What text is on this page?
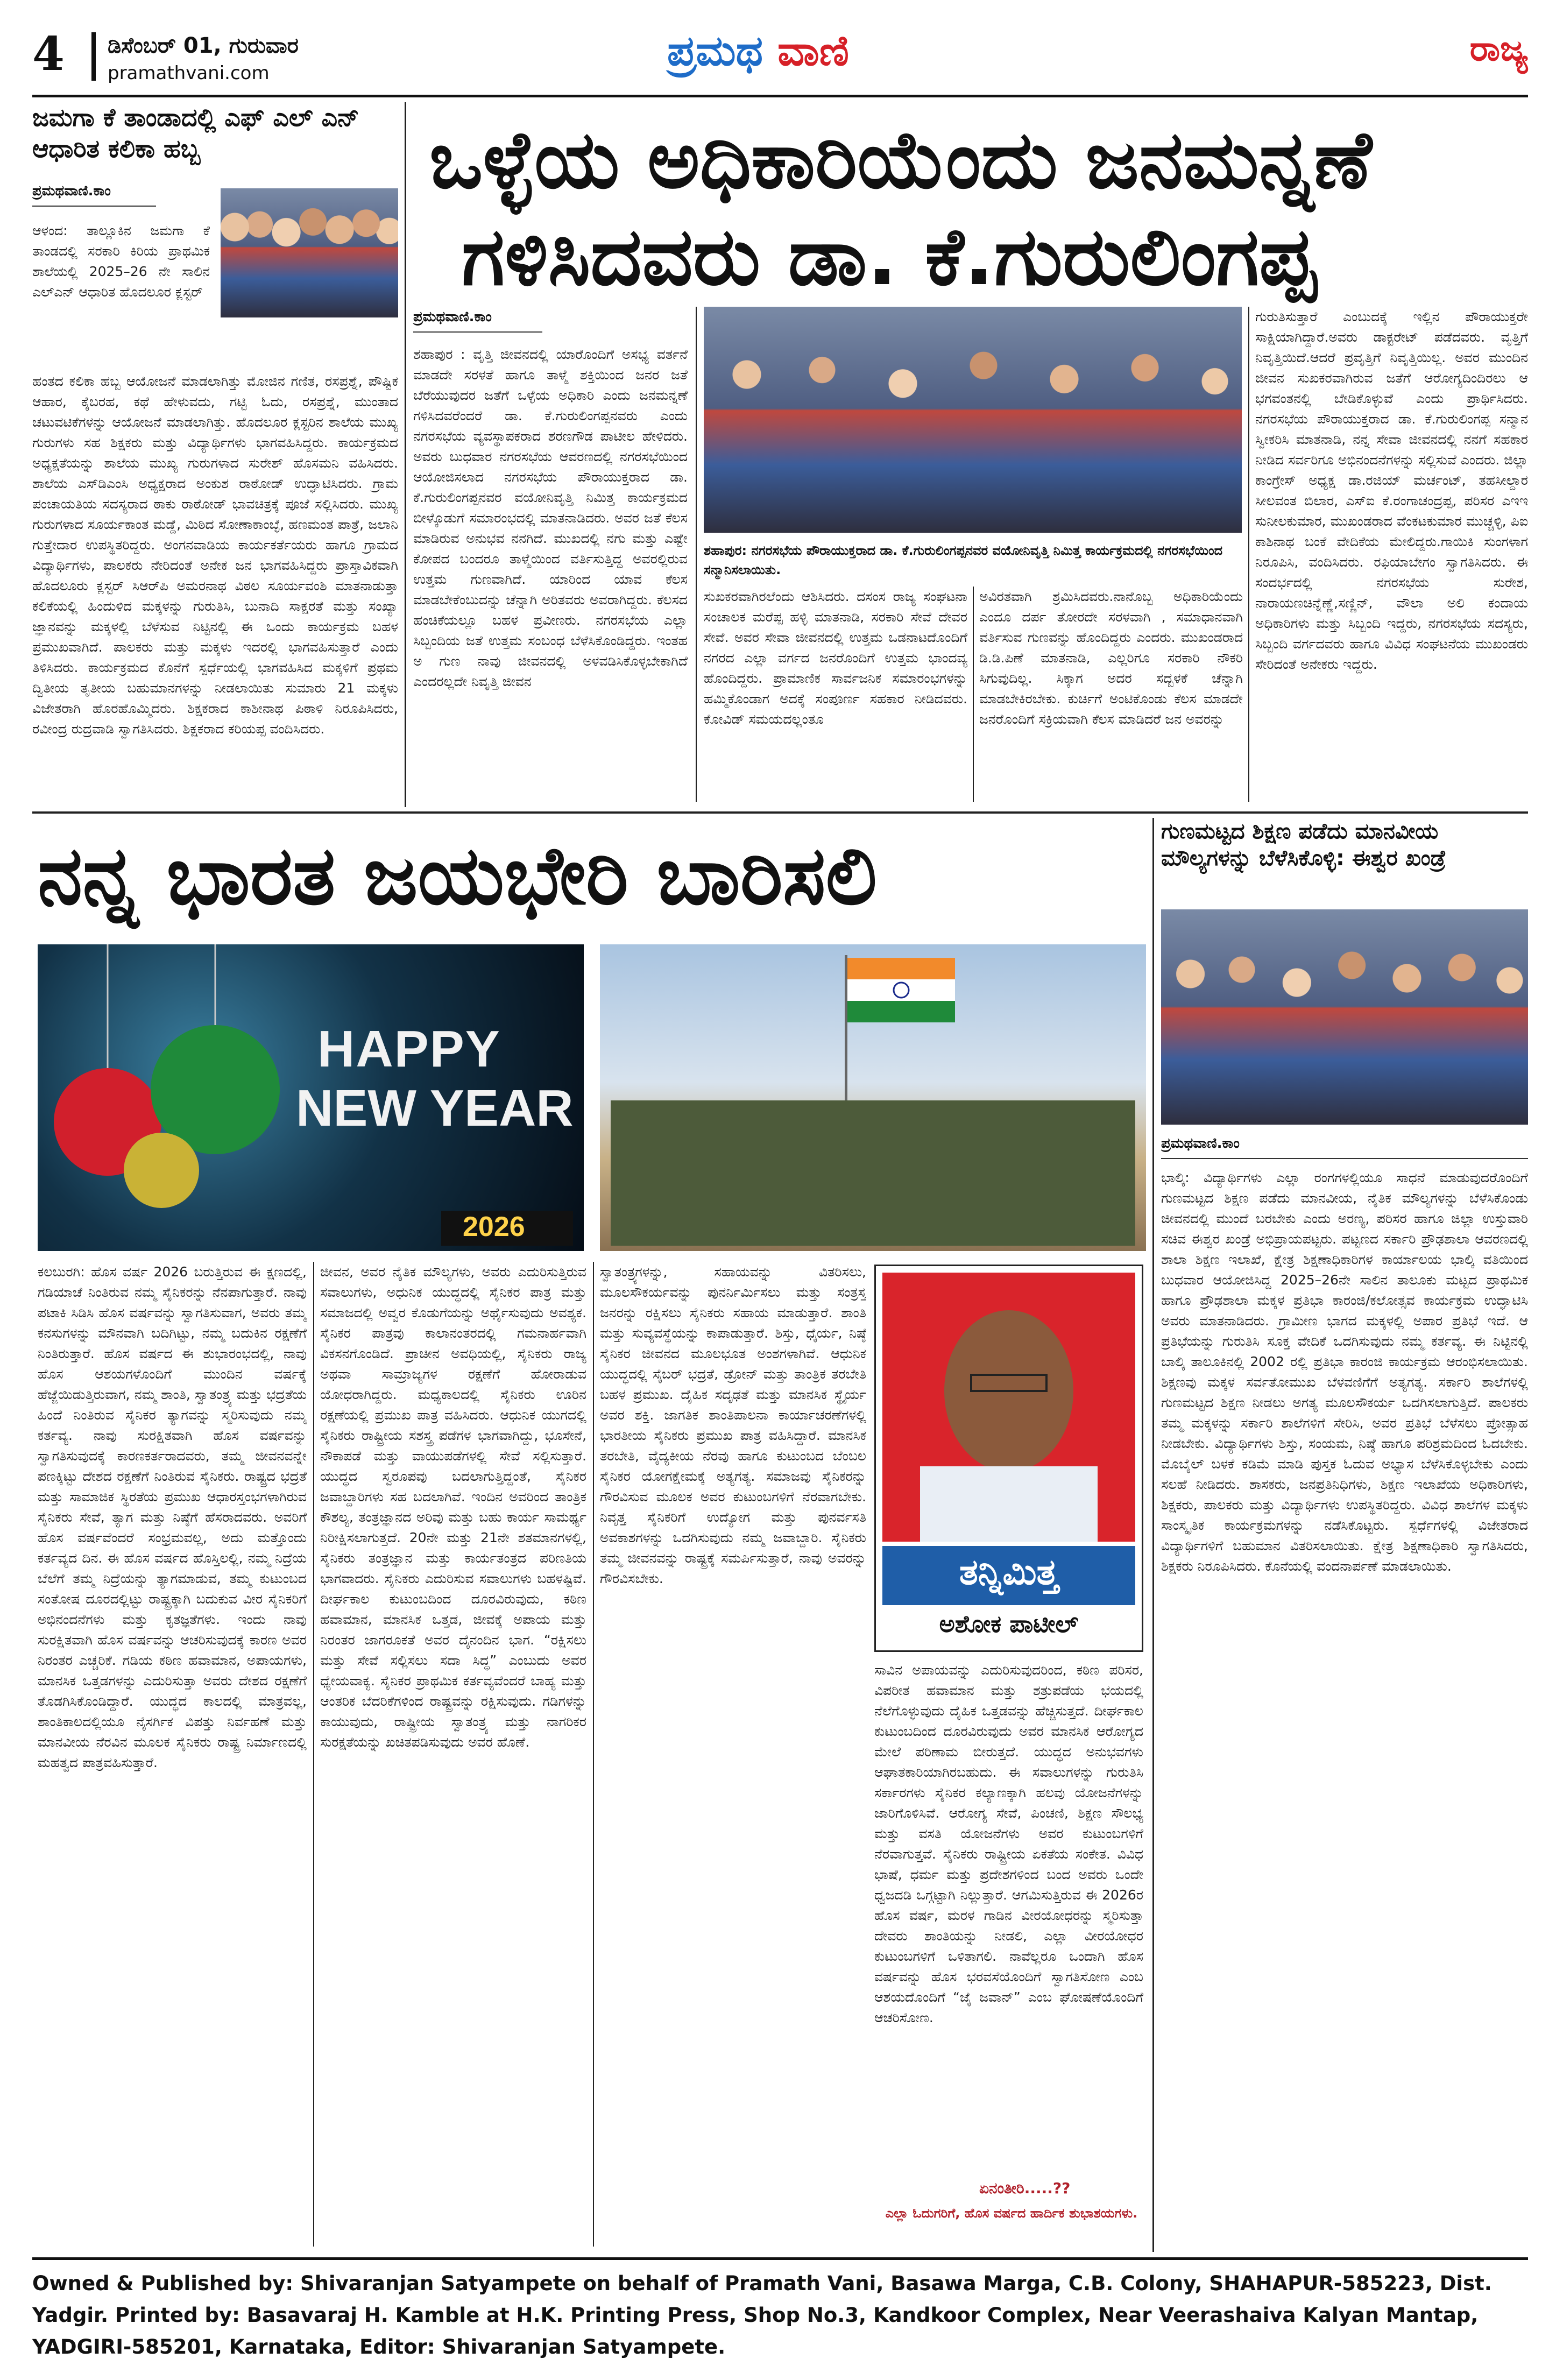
4 ಡಿಸೆಂಬರ್ 01, ಗುರುವಾರ
pramathvani.com	ಪ್ರಮಥ ವಾಣಿ	ರಾಜ್ಯ
ಜಮಗಾ ಕೆ ತಾಂಡಾದಲ್ಲಿ ಎಫ್ ಎಲ್ ಎನ್ ಆಧಾರಿತ ಕಲಿಕಾ ಹಬ್ಬ
ಪ್ರಮಥವಾಣಿ.ಕಾಂ
ಆಳಂದ: ತಾಲ್ಲೂಕಿನ ಜಮಗಾ ಕೆ ತಾಂಡದಲ್ಲಿ ಸರಕಾರಿ ಕಿರಿಯ ಪ್ರಾಥಮಿಕ ಶಾಲೆಯಲ್ಲಿ 2025–26 ನೇ ಸಾಲಿನ ಎಲ್ಎನ್ ಆಧಾರಿತ ಹೊದಲೂರ ಕ್ಲಸ್ಟರ್
ಹಂತದ ಕಲಿಕಾ ಹಬ್ಬ ಆಯೋಜನೆ ಮಾಡಲಾಗಿತ್ತು ಮೋಜಿನ ಗಣಿತ, ರಸಪ್ರಶ್ನೆ, ಪೌಷ್ಟಿಕ ಆಹಾರ, ಕೈಬರಹ, ಕಥೆ ಹೇಳುವದು, ಗಟ್ಟಿ ಓದು, ರಸಪ್ರಶ್ನೆ, ಮುಂತಾದ ಚಟುವಟಿಕೆಗಳನ್ನು ಆಯೋಜನೆ ಮಾಡಲಾಗಿತ್ತು. ಹೊದಲೂರ ಕ್ಲಸ್ಟರಿನ ಶಾಲೆಯ ಮುಖ್ಯ ಗುರುಗಳು ಸಹ ಶಿಕ್ಷಕರು ಮತ್ತು ವಿದ್ಯಾರ್ಥಿಗಳು ಭಾಗವಹಿಸಿದ್ದರು. ಕಾರ್ಯಕ್ರಮದ ಅಧ್ಯಕ್ಷತೆಯನ್ನು ಶಾಲೆಯ ಮುಖ್ಯ ಗುರುಗಳಾದ ಸುರೇಶ್ ಹೊಸಮನಿ ವಹಿಸಿದರು. ಶಾಲೆಯ ಎಸ್‌ಡಿಎಂಸಿ ಅಧ್ಯಕ್ಷರಾದ ಅಂಕುಶ ರಾಠೋಡ್ ಉದ್ಘಾಟಿಸಿದರು. ಗ್ರಾಮ ಪಂಚಾಯತಿಯ ಸದಸ್ಯರಾದ ಠಾಕು ರಾಠೋಡ್ ಭಾವಚಿತ್ರಕ್ಕೆ ಪೂಜೆ ಸಲ್ಲಿಸಿದರು. ಮುಖ್ಯ ಗುರುಗಳಾದ ಸೂರ್ಯಕಾಂತ ಮಡ್ಡೆ, ಮಿಠಿದ ಸೋಣಾಕಾಂಬ್ಳೆ, ಹಣಮಂತ ಪಾತ್ರೆ, ಜಲಾನಿ ಗುತ್ತೇದಾರ ಉಪಸ್ಥಿತರಿದ್ದರು. ಅಂಗನವಾಡಿಯ ಕಾರ್ಯಕರ್ತೆಯರು ಹಾಗೂ ಗ್ರಾಮದ ವಿದ್ಯಾರ್ಥಿಗಳು, ಪಾಲಕರು ನೇರಿದಂತೆ ಅನೇಕ ಜನ ಭಾಗವಹಿಸಿದ್ದರು ಪ್ರಾಸ್ತಾವಿಕವಾಗಿ ಹೊದಲೂರು ಕ್ಲಸ್ಟರ್ ಸಿಆರ್‌ಪಿ ಅಮರನಾಥ ವಿಠಲ ಸೂರ್ಯವಂಶಿ ಮಾತನಾಡುತ್ತಾ ಕಲಿಕೆಯಲ್ಲಿ ಹಿಂದುಳಿದ ಮಕ್ಕಳನ್ನು ಗುರುತಿಸಿ, ಬುನಾದಿ ಸಾಕ್ಷರತೆ ಮತ್ತು ಸಂಖ್ಯಾ ಜ್ಞಾನವನ್ನು ಮಕ್ಕಳಲ್ಲಿ ಬೆಳೆಸುವ ನಿಟ್ಟಿನಲ್ಲಿ ಈ ಒಂದು ಕಾರ್ಯಕ್ರಮ ಬಹಳ ಪ್ರಮುಖವಾಗಿದೆ. ಪಾಲಕರು ಮತ್ತು ಮಕ್ಕಳು ಇದರಲ್ಲಿ ಭಾಗವಹಿಸುತ್ತಾರೆ ಎಂದು ತಿಳಿಸಿದರು. ಕಾರ್ಯಕ್ರಮದ ಕೊನೆಗೆ ಸ್ಪರ್ಧೆಯಲ್ಲಿ ಭಾಗವಹಿಸಿದ ಮಕ್ಕಳಿಗೆ ಪ್ರಥಮ ದ್ವಿತೀಯ ತೃತೀಯ ಬಹುಮಾನಗಳನ್ನು ನೀಡಲಾಯಿತು ಸುಮಾರು 21 ಮಕ್ಕಳು ವಿಜೇತರಾಗಿ ಹೊರಹೊಮ್ಮಿದರು. ಶಿಕ್ಷಕರಾದ ಕಾಶೀನಾಥ ಪಿಠಾಳಿ ನಿರೂಪಿಸಿದರು, ರವೀಂದ್ರ ರುದ್ರವಾಡಿ ಸ್ವಾಗತಿಸಿದರು. ಶಿಕ್ಷಕರಾದ ಕರಿಯಪ್ಪ ವಂದಿಸಿದರು.
ಒಳ್ಳೆಯ ಅಧಿಕಾರಿಯೆಂದು ಜನಮನ್ನಣೆ
ಗಳಿಸಿದವರು ಡಾ. ಕೆ.ಗುರುಲಿಂಗಪ್ಪ
ಪ್ರಮಥವಾಣಿ.ಕಾಂ
ಶಹಾಪುರ : ವೃತ್ತಿ ಜೀವನದಲ್ಲಿ ಯಾರೊಂದಿಗೆ ಅಸಭ್ಯ ವರ್ತನೆ ಮಾಡದೇ ಸರಳತೆ ಹಾಗೂ ತಾಳ್ಮೆ ಶಕ್ತಿಯಿಂದ ಜನರ ಜತೆ ಬೆರೆಯುವುದರ ಜತೆಗೆ ಒಳ್ಳೆಯ ಅಧಿಕಾರಿ ಎಂದು ಜನಮನ್ನಣೆ ಗಳಿಸಿದವರೆಂದರೆ ಡಾ. ಕೆ.ಗುರುಲಿಂಗಪ್ಪನವರು ಎಂದು ನಗರಸಭೆಯ ವ್ಯವಸ್ಥಾಪಕರಾದ ಶರಣಗೌಡ ಪಾಟೀಲ ಹೇಳಿದರು. ಅವರು ಬುಧವಾರ ನಗರಸಭೆಯ ಆವರಣದಲ್ಲಿ ನಗರಸಭೆಯಿಂದ ಆಯೋಜಿಸಲಾದ ನಗರಸಭೆಯ ಪೌರಾಯುಕ್ತರಾದ ಡಾ. ಕೆ.ಗುರುಲಿಂಗಪ್ಪನವರ ವಯೋನಿವೃತ್ತಿ ನಿಮಿತ್ತ ಕಾರ್ಯಕ್ರಮದ ಬೀಳ್ಕೊಡುಗೆ ಸಮಾರಂಭದಲ್ಲಿ ಮಾತನಾಡಿದರು. ಅವರ ಜತೆ ಕೆಲಸ ಮಾಡಿರುವ ಅನುಭವ ನನಗಿದೆ. ಮುಖದಲ್ಲಿ ನಗು ಮತ್ತು ಎಷ್ಟೇ ಕೋಪದ ಬಂದರೂ ತಾಳ್ಮೆಯಿಂದ ವರ್ತಿಸುತ್ತಿದ್ದ ಅವರಲ್ಲಿರುವ ಉತ್ತಮ ಗುಣವಾಗಿದೆ. ಯಾರಿಂದ ಯಾವ ಕೆಲಸ ಮಾಡಬೇಕೆಂಬುದನ್ನು ಚೆನ್ನಾಗಿ ಅರಿತವರು ಅವರಾಗಿದ್ದರು. ಕೆಲಸದ ಹಂಚಿಕೆಯಲ್ಲೂ ಬಹಳ ಪ್ರವೀಣರು. ನಗರಸಭೆಯ ಎಲ್ಲಾ ಸಿಬ್ಬಂದಿಯ ಜತೆ ಉತ್ತಮ ಸಂಬಂಧ ಬೆಳೆಸಿಕೊಂಡಿದ್ದರು. ಇಂತಹ ಅ ಗುಣ ನಾವು ಜೀವನದಲ್ಲಿ ಅಳವಡಿಸಿಕೊಳ್ಳಬೇಕಾಗಿದೆ ಎಂದರಲ್ಲದೇ ನಿವೃತ್ತಿ ಜೀವನ
ಶಹಾಪುರ: ನಗರಸಭೆಯ ಪೌರಾಯುಕ್ತರಾದ ಡಾ. ಕೆ.ಗುರುಲಿಂಗಪ್ಪನವರ ವಯೋನಿವೃತ್ತಿ ನಿಮಿತ್ತ ಕಾರ್ಯಕ್ರಮದಲ್ಲಿ ನಗರಸಭೆಯಿಂದ ಸನ್ಮಾನಿಸಲಾಯಿತು.
ಸುಖಕರವಾಗಿರಲೆಂದು ಆಶಿಸಿದರು. ದಸಂಸ ರಾಜ್ಯ ಸಂಘಟನಾ ಸಂಚಾಲಕ ಮರೆಪ್ಪ ಹಳ್ಳಿ ಮಾತನಾಡಿ, ಸರಕಾರಿ ಸೇವೆ ದೇವರ ಸೇವೆ. ಅವರ ಸೇವಾ ಜೀವನದಲ್ಲಿ ಉತ್ತಮ ಒಡನಾಟದೊಂದಿಗೆ ನಗರದ ಎಲ್ಲಾ ವರ್ಗದ ಜನರೊಂದಿಗೆ ಉತ್ತಮ ಭಾಂದವ್ಯ ಹೊಂದಿದ್ದರು. ಪ್ರಾಮಾಣಿಕ ಸಾರ್ವಜನಿಕ ಸಮಾರಂಭಗಳನ್ನು ಹಮ್ಮಿಕೊಂಡಾಗ ಅದಕ್ಕೆ ಸಂಪೂರ್ಣ ಸಹಕಾರ ನೀಡಿದವರು. ಕೋವಿಡ್ ಸಮಯದಲ್ಲಂತೂ
ಅವಿರತವಾಗಿ ಶ್ರಮಿಸಿದವರು.ನಾನೊಬ್ಬ ಅಧಿಕಾರಿಯೆಂದು ಎಂದೂ ದರ್ಪ ತೋರದೇ ಸರಳವಾಗಿ , ಸಮಾಧಾನವಾಗಿ ವರ್ತಿಸುವ ಗುಣವನ್ನು ಹೊಂದಿದ್ದರು ಎಂದರು. ಮುಖಂಡರಾದ ಡಿ.ಡಿ.ಪಿಣೆ ಮಾತನಾಡಿ, ಎಲ್ಲರಿಗೂ ಸರಕಾರಿ ನೌಕರಿ ಸಿಗುವುದಿಲ್ಲ. ಸಿಕ್ಕಾಗ ಅದರ ಸದ್ಬಳಕೆ ಚೆನ್ನಾಗಿ ಮಾಡಬೇಕಿರಬೇಕು. ಕುರ್ಚಿಗೆ ಅಂಟಿಕೊಂಡು ಕೆಲಸ ಮಾಡದೇ ಜನರೊಂದಿಗೆ ಸಕ್ರಿಯವಾಗಿ ಕೆಲಸ ಮಾಡಿದರೆ ಜನ ಅವರನ್ನು
ಗುರುತಿಸುತ್ತಾರೆ ಎಂಬುದಕ್ಕೆ ಇಲ್ಲಿನ ಪೌರಾಯುಕ್ತರೇ ಸಾಕ್ಷಿಯಾಗಿದ್ದಾರೆ.ಅವರು ಡಾಕ್ಟರೇಟ್ ಪಡೆದವರು. ವೃತ್ತಿಗೆ ನಿವೃತ್ತಿಯಿದೆ.ಆದರೆ ಪ್ರವೃತ್ತಿಗೆ ನಿವೃತ್ತಿಯಿಲ್ಲ. ಅವರ ಮುಂದಿನ ಜೀವನ ಸುಖಕರವಾಗಿರುವ ಜತೆಗೆ ಆರೋಗ್ಯದಿಂದಿರಲು ಆ ಭಗವಂತನಲ್ಲಿ ಬೇಡಿಕೊಳ್ಳುವೆ ಎಂದು ಪ್ರಾರ್ಥಿಸಿದರು. ನಗರಸಭೆಯ ಪೌರಾಯುಕ್ತರಾದ ಡಾ. ಕೆ.ಗುರುಲಿಂಗಪ್ಪ ಸನ್ಮಾನ ಸ್ವೀಕರಿಸಿ ಮಾತನಾಡಿ, ನನ್ನ ಸೇವಾ ಜೀವನದಲ್ಲಿ ನನಗೆ ಸಹಕಾರ ನೀಡಿದ ಸರ್ವರಿಗೂ ಅಭಿನಂದನೆಗಳನ್ನು ಸಲ್ಲಿಸುವೆ ಎಂದರು. ಜಿಲ್ಲಾ ಕಾಂಗ್ರೇಸ್ ಅಧ್ಯಕ್ಷ ಡಾ.ರಜಿಯ್ ಮರ್ಚಂಟ್, ತಹಸೀಲ್ದಾರ ಸೀಲವಂತ ಬಿಲಾರ, ಎಸ್ಐ ಕೆ.ರಂಗಾಚಂದ್ರಪ್ಪ, ಪರಿಸರ ಎಇಇ ಸುನೀಲಕುಮಾರ, ಮುಖಂಡರಾದ ವೆಂಕಟಕುಮಾರ ಮುಚ್ಚಳ್ಳಿ, ಪಿಐ ಕಾಶಿನಾಥ ಬಂಕೆ ವೇದಿಕೆಯ ಮೇಲಿದ್ದರು.ಗಾಯಿಕಿ ಸುಂಗಳಾಗ ನಿರೂಪಿಸಿ, ವಂದಿಸಿದರು. ರಫಿಯಾಬೇಗಂ ಸ್ವಾಗತಿಸಿದರು. ಈ ಸಂದರ್ಭದಲ್ಲಿ ನಗರಸಭೆಯ ಸುರೇಶ, ನಾರಾಯಣಚಿನ್ನೆಣ್ಣೆ,ಸಣ್ಣಿನ್, ವೌಲಾ ಅಲಿ ಕಂದಾಯ ಅಧಿಕಾರಿಗಳು ಮತ್ತು ಸಿಬ್ಬಂದಿ ಇದ್ದರು, ನಗರಸಭೆಯ ಸದಸ್ಯರು, ಸಿಬ್ಬಂದಿ ವರ್ಗದವರು ಹಾಗೂ ವಿವಿಧ ಸಂಘಟನೆಯ ಮುಖಂಡರು ಸೇರಿದಂತೆ ಅನೇಕರು ಇದ್ದರು.
ನನ್ನ ಭಾರತ ಜಯಭೇರಿ ಬಾರಿಸಲಿ
HAPPY
NEW YEAR
2026
ಕಲಬುರಗಿ: ಹೊಸ ವರ್ಷ 2026 ಬರುತ್ತಿರುವ ಈ ಕ್ಷಣದಲ್ಲಿ, ಗಡಿಯಾಚೆ ನಿಂತಿರುವ ನಮ್ಮ ಸೈನಿಕರನ್ನು ನೆನಪಾಗುತ್ತಾರೆ. ನಾವು ಪಟಾಕಿ ಸಿಡಿಸಿ ಹೊಸ ವರ್ಷವನ್ನು ಸ್ವಾಗತಿಸುವಾಗ, ಅವರು ತಮ್ಮ ಕನಸುಗಳನ್ನು ಮೌನವಾಗಿ ಬದಿಗಿಟ್ಟು, ನಮ್ಮ ಬದುಕಿನ ರಕ್ಷಣೆಗೆ ನಿಂತಿರುತ್ತಾರೆ. ಹೊಸ ವರ್ಷದ ಈ ಶುಭಾರಂಭದಲ್ಲಿ, ನಾವು ಹೊಸ ಆಶಯಗಳೊಂದಿಗೆ ಮುಂದಿನ ವರ್ಷಕ್ಕೆ ಹೆಜ್ಜೆಯಿಡುತ್ತಿರುವಾಗ, ನಮ್ಮ ಶಾಂತಿ, ಸ್ವಾತಂತ್ರ್ಯ ಮತ್ತು ಭದ್ರತೆಯ ಹಿಂದೆ ನಿಂತಿರುವ ಸೈನಿಕರ ತ್ಯಾಗವನ್ನು ಸ್ಮರಿಸುವುದು ನಮ್ಮ ಕರ್ತವ್ಯ. ನಾವು ಸುರಕ್ಷಿತವಾಗಿ ಹೊಸ ವರ್ಷವನ್ನು ಸ್ವಾಗತಿಸುವುದಕ್ಕೆ ಕಾರಣಕರ್ತರಾದವರು, ತಮ್ಮ ಜೀವನವನ್ನೇ ಪಣಕ್ಕಿಟ್ಟು ದೇಶದ ರಕ್ಷಣೆಗೆ ನಿಂತಿರುವ ಸೈನಿಕರು. ರಾಷ್ಟ್ರದ ಭದ್ರತೆ ಮತ್ತು ಸಾಮಾಜಿಕ ಸ್ಥಿರತೆಯ ಪ್ರಮುಖ ಆಧಾರಸ್ತಂಭಗಳಾಗಿರುವ ಸೈನಿಕರು ಸೇವೆ, ತ್ಯಾಗ ಮತ್ತು ನಿಷ್ಠೆಗೆ ಹೆಸರಾದವರು. ಅವರಿಗೆ ಹೊಸ ವರ್ಷವೆಂದರೆ ಸಂಭ್ರಮವಲ್ಲ, ಅದು ಮತ್ತೊಂದು ಕರ್ತವ್ಯದ ದಿನ. ಈ ಹೊಸ ವರ್ಷದ ಹೊಸ್ತಿಲಲ್ಲಿ, ನಮ್ಮ ನಿದ್ರೆಯ ಬೆಲೆಗೆ ತಮ್ಮ ನಿದ್ರೆಯನ್ನು ತ್ಯಾಗಮಾಡುವ, ತಮ್ಮ ಕುಟುಂಬದ ಸಂತೋಷ ದೂರದಲ್ಲಿಟ್ಟು ರಾಷ್ಟ್ರಕ್ಕಾಗಿ ಬದುಕುವ ವೀರ ಸೈನಿಕರಿಗೆ ಅಭಿನಂದನೆಗಳು ಮತ್ತು ಕೃತಜ್ಞತೆಗಳು. ಇಂದು ನಾವು ಸುರಕ್ಷಿತವಾಗಿ ಹೊಸ ವರ್ಷವನ್ನು ಆಚರಿಸುವುದಕ್ಕೆ ಕಾರಣ ಅವರ ನಿರಂತರ ಎಚ್ಚರಿಕೆ. ಗಡಿಯ ಕಠಿಣ ಹವಾಮಾನ, ಅಪಾಯಗಳು, ಮಾನಸಿಕ ಒತ್ತಡಗಳನ್ನು ಎದುರಿಸುತ್ತಾ ಅವರು ದೇಶದ ರಕ್ಷಣೆಗೆ ತೊಡಗಿಸಿಕೊಂಡಿದ್ದಾರೆ. ಯುದ್ಧದ ಕಾಲದಲ್ಲಿ ಮಾತ್ರವಲ್ಲ, ಶಾಂತಿಕಾಲದಲ್ಲಿಯೂ ನೈಸರ್ಗಿಕ ವಿಪತ್ತು ನಿರ್ವಹಣೆ ಮತ್ತು ಮಾನವೀಯ ನೆರವಿನ ಮೂಲಕ ಸೈನಿಕರು ರಾಷ್ಟ್ರ ನಿರ್ಮಾಣದಲ್ಲಿ ಮಹತ್ವದ ಪಾತ್ರವಹಿಸುತ್ತಾರೆ.
ಜೀವನ, ಅವರ ನೈತಿಕ ಮೌಲ್ಯಗಳು, ಅವರು ಎದುರಿಸುತ್ತಿರುವ ಸವಾಲುಗಳು, ಅಧುನಿಕ ಯುದ್ಧದಲ್ಲಿ ಸೈನಿಕರ ಪಾತ್ರ ಮತ್ತು ಸಮಾಜದಲ್ಲಿ ಅವ್ವರ ಕೊಡುಗೆಯನ್ನು ಅರ್ಥೈಸುವುದು ಅವಶ್ಯಕ. ಸೈನಿಕರ ಪಾತ್ರವು ಕಾಲಾನಂತರದಲ್ಲಿ ಗಮನಾರ್ಹವಾಗಿ ವಿಕಸನಗೊಂಡಿದೆ. ಪ್ರಾಚೀನ ಅವಧಿಯಲ್ಲಿ, ಸೈನಿಕರು ರಾಜ್ಯ ಅಥವಾ ಸಾಮ್ರಾಜ್ಯಗಳ ರಕ್ಷಣೆಗೆ ಹೋರಾಡುವ ಯೋಧರಾಗಿದ್ದರು. ಮಧ್ಯಕಾಲದಲ್ಲಿ ಸೈನಿಕರು ಊರಿನ ರಕ್ಷಣೆಯಲ್ಲಿ ಪ್ರಮುಖ ಪಾತ್ರ ವಹಿಸಿದರು. ಆಧುನಿಕ ಯುಗದಲ್ಲಿ ಸೈನಿಕರು ರಾಷ್ಟ್ರೀಯ ಸಶಸ್ತ್ರ ಪಡೆಗಳ ಭಾಗವಾಗಿದ್ದು, ಭೂಸೇನೆ, ನೌಕಾಪಡೆ ಮತ್ತು ವಾಯುಪಡೆಗಳಲ್ಲಿ ಸೇವೆ ಸಲ್ಲಿಸುತ್ತಾರೆ. ಯುದ್ಧದ ಸ್ವರೂಪವು ಬದಲಾಗುತ್ತಿದ್ದಂತೆ, ಸೈನಿಕರ ಜವಾಬ್ದಾರಿಗಳು ಸಹ ಬದಲಾಗಿವೆ. ಇಂದಿನ ಅವರಿಂದ ತಾಂತ್ರಿಕ ಕೌಶಲ್ಯ, ತಂತ್ರಜ್ಞಾನದ ಅರಿವು ಮತ್ತು ಬಹು ಕಾರ್ಯ ಸಾಮರ್ಥ್ಯ ನಿರೀಕ್ಷಿಸಲಾಗುತ್ತದೆ. 20ನೇ ಮತ್ತು 21ನೇ ಶತಮಾನಗಳಲ್ಲಿ, ಸೈನಿಕರು ತಂತ್ರಜ್ಞಾನ ಮತ್ತು ಕಾರ್ಯತಂತ್ರದ ಪರಿಣತಿಯ ಭಾಗವಾದರು. ಸೈನಿಕರು ಎದುರಿಸುವ ಸವಾಲುಗಳು ಬಹಳಷ್ಟಿವೆ. ದೀರ್ಘಕಾಲ ಕುಟುಂಬದಿಂದ ದೂರವಿರುವುದು, ಕಠಿಣ ಹವಾಮಾನ, ಮಾನಸಿಕ ಒತ್ತಡ, ಜೀವಕ್ಕೆ ಅಪಾಯ ಮತ್ತು ನಿರಂತರ ಜಾಗರೂಕತೆ ಅವರ ದೈನಂದಿನ ಭಾಗ. “ರಕ್ಷಿಸಲು ಮತ್ತು ಸೇವೆ ಸಲ್ಲಿಸಲು ಸದಾ ಸಿದ್ಧ” ಎಂಬುದು ಅವರ ಧ್ಯೇಯವಾಕ್ಯ. ಸೈನಿಕರ ಪ್ರಾಥಮಿಕ ಕರ್ತವ್ಯವೆಂದರೆ ಬಾಹ್ಯ ಮತ್ತು ಆಂತರಿಕ ಬೆದರಿಕೆಗಳಿಂದ ರಾಷ್ಟ್ರವನ್ನು ರಕ್ಷಿಸುವುದು. ಗಡಿಗಳನ್ನು ಕಾಯುವುದು, ರಾಷ್ಟ್ರೀಯ ಸ್ವಾತಂತ್ರ್ಯ ಮತ್ತು ನಾಗರಿಕರ ಸುರಕ್ಷತೆಯನ್ನು ಖಚಿತಪಡಿಸುವುದು ಅವರ ಹೊಣೆ.
ಸ್ವಾತಂತ್ರ್ಯಗಳನ್ನು, ಸಹಾಯವನ್ನು ವಿತರಿಸಲು, ಮೂಲಸೌಕರ್ಯವನ್ನು ಪುನರ್ನಿರ್ಮಿಸಲು ಮತ್ತು ಸಂತ್ರಸ್ತ ಜನರನ್ನು ರಕ್ಷಿಸಲು ಸೈನಿಕರು ಸಹಾಯ ಮಾಡುತ್ತಾರೆ. ಶಾಂತಿ ಮತ್ತು ಸುವ್ಯವಸ್ಥೆಯನ್ನು ಕಾಪಾಡುತ್ತಾರೆ. ಶಿಸ್ತು, ಧೈರ್ಯ, ನಿಷ್ಠೆ ಸೈನಿಕರ ಜೀವನದ ಮೂಲಭೂತ ಅಂಶಗಳಾಗಿವೆ. ಆಧುನಿಕ ಯುದ್ಧದಲ್ಲಿ ಸೈಬರ್ ಭದ್ರತೆ, ಡ್ರೋನ್ ಮತ್ತು ತಾಂತ್ರಿಕ ತರಬೇತಿ ಬಹಳ ಪ್ರಮುಖ. ದೈಹಿಕ ಸದೃಢತೆ ಮತ್ತು ಮಾನಸಿಕ ಸ್ಥೈರ್ಯ ಅವರ ಶಕ್ತಿ. ಜಾಗತಿಕ ಶಾಂತಿಪಾಲನಾ ಕಾರ್ಯಾಚರಣೆಗಳಲ್ಲಿ ಭಾರತೀಯ ಸೈನಿಕರು ಪ್ರಮುಖ ಪಾತ್ರ ವಹಿಸಿದ್ದಾರೆ. ಮಾನಸಿಕ ತರಬೇತಿ, ವೈದ್ಯಕೀಯ ನೆರವು ಹಾಗೂ ಕುಟುಂಬದ ಬೆಂಬಲ ಸೈನಿಕರ ಯೋಗಕ್ಷೇಮಕ್ಕೆ ಅತ್ಯಗತ್ಯ. ಸಮಾಜವು ಸೈನಿಕರನ್ನು ಗೌರವಿಸುವ ಮೂಲಕ ಅವರ ಕುಟುಂಬಗಳಿಗೆ ನೆರವಾಗಬೇಕು. ನಿವೃತ್ತ ಸೈನಿಕರಿಗೆ ಉದ್ಯೋಗ ಮತ್ತು ಪುನರ್ವಸತಿ ಅವಕಾಶಗಳನ್ನು ಒದಗಿಸುವುದು ನಮ್ಮ ಜವಾಬ್ದಾರಿ. ಸೈನಿಕರು ತಮ್ಮ ಜೀವನವನ್ನು ರಾಷ್ಟ್ರಕ್ಕೆ ಸಮರ್ಪಿಸುತ್ತಾರೆ, ನಾವು ಅವರನ್ನು ಗೌರವಿಸಬೇಕು.	ತನ್ನಿಮಿತ್ತ
ಅಶೋಕ ಪಾಟೀಲ್
ಸಾವಿನ ಅಪಾಯವನ್ನು ಎದುರಿಸುವುದರಿಂದ, ಕಠಿಣ ಪರಿಸರ, ವಿಪರೀತ ಹವಾಮಾನ ಮತ್ತು ಶತ್ರುಪಡೆಯ ಭಯದಲ್ಲಿ ನೆಲೆಗೊಳ್ಳುವುದು ದೈಹಿಕ ಒತ್ತಡವನ್ನು ಹೆಚ್ಚಿಸುತ್ತದೆ. ದೀರ್ಘಕಾಲ ಕುಟುಂಬದಿಂದ ದೂರವಿರುವುದು ಅವರ ಮಾನಸಿಕ ಆರೋಗ್ಯದ ಮೇಲೆ ಪರಿಣಾಮ ಬೀರುತ್ತದೆ. ಯುದ್ಧದ ಅನುಭವಗಳು ಆಘಾತಕಾರಿಯಾಗಿರಬಹುದು. ಈ ಸವಾಲುಗಳನ್ನು ಗುರುತಿಸಿ ಸರ್ಕಾರಗಳು ಸೈನಿಕರ ಕಲ್ಯಾಣಕ್ಕಾಗಿ ಹಲವು ಯೋಜನೆಗಳನ್ನು ಜಾರಿಗೊಳಿಸಿವೆ. ಆರೋಗ್ಯ ಸೇವೆ, ಪಿಂಚಣಿ, ಶಿಕ್ಷಣ ಸೌಲಭ್ಯ ಮತ್ತು ವಸತಿ ಯೋಜನೆಗಳು ಅವರ ಕುಟುಂಬಗಳಿಗೆ ನೆರವಾಗುತ್ತವೆ. ಸೈನಿಕರು ರಾಷ್ಟ್ರೀಯ ಏಕತೆಯ ಸಂಕೇತ. ವಿವಿಧ ಭಾಷೆ, ಧರ್ಮ ಮತ್ತು ಪ್ರದೇಶಗಳಿಂದ ಬಂದ ಅವರು ಒಂದೇ ಧ್ವಜದಡಿ ಒಗ್ಗಟ್ಟಾಗಿ ನಿಲ್ಲುತ್ತಾರೆ. ಆಗಮಿಸುತ್ತಿರುವ ಈ 2026ರ ಹೊಸ ವರ್ಷ, ಮರಳ ಗಾಡಿನ ವೀರಯೋಧರನ್ನು ಸ್ಮರಿಸುತ್ತಾ ದೇವರು ಶಾಂತಿಯನ್ನು ನೀಡಲಿ, ಎಲ್ಲಾ ವೀರಯೋಧರ ಕುಟುಂಬಗಳಿಗೆ ಒಳಿತಾಗಲಿ. ನಾವೆಲ್ಲರೂ ಒಂದಾಗಿ ಹೊಸ ವರ್ಷವನ್ನು ಹೊಸ ಭರವಸೆಯೊಂದಿಗೆ ಸ್ವಾಗತಿಸೋಣ ಎಂಬ ಆಶಯದೊಂದಿಗೆ “ಜೈ ಜವಾನ್” ಎಂಬ ಘೋಷಣೆಯೊಂದಿಗೆ ಆಚರಿಸೋಣ.
ಏನಂತೀರಿ.....??
ಎಲ್ಲಾ ಓದುಗರಿಗೆ, ಹೊಸ ವರ್ಷದ ಹಾರ್ದಿಕ ಶುಭಾಶಯಗಳು.
ಗುಣಮಟ್ಟದ ಶಿಕ್ಷಣ ಪಡೆದು ಮಾನವೀಯ ಮೌಲ್ಯಗಳನ್ನು ಬೆಳೆಸಿಕೊಳ್ಳಿ: ಈಶ್ವರ ಖಂಡ್ರೆ
ಪ್ರಮಥವಾಣಿ.ಕಾಂ
ಭಾಲ್ಕಿ: ವಿದ್ಯಾರ್ಥಿಗಳು ಎಲ್ಲಾ ರಂಗಗಳಲ್ಲಿಯೂ ಸಾಧನೆ ಮಾಡುವುದರೊಂದಿಗೆ ಗುಣಮಟ್ಟದ ಶಿಕ್ಷಣ ಪಡೆದು ಮಾನವೀಯ, ನೈತಿಕ ಮೌಲ್ಯಗಳನ್ನು ಬೆಳೆಸಿಕೊಂಡು ಜೀವನದಲ್ಲಿ ಮುಂದೆ ಬರಬೇಕು ಎಂದು ಅರಣ್ಯ, ಪರಿಸರ ಹಾಗೂ ಜಿಲ್ಲಾ ಉಸ್ತುವಾರಿ ಸಚಿವ ಈಶ್ವರ ಖಂಡ್ರೆ ಅಭಿಪ್ರಾಯಪಟ್ಟರು. ಪಟ್ಟಣದ ಸರ್ಕಾರಿ ಪ್ರೌಢಶಾಲಾ ಆವರಣದಲ್ಲಿ ಶಾಲಾ ಶಿಕ್ಷಣ ಇಲಾಖೆ, ಕ್ಷೇತ್ರ ಶಿಕ್ಷಣಾಧಿಕಾರಿಗಳ ಕಾರ್ಯಾಲಯ ಭಾಲ್ಕಿ ವತಿಯಿಂದ ಬುಧವಾರ ಆಯೋಜಿಸಿದ್ದ 2025–26ನೇ ಸಾಲಿನ ತಾಲೂಕು ಮಟ್ಟದ ಪ್ರಾಥಮಿಕ ಹಾಗೂ ಪ್ರೌಢಶಾಲಾ ಮಕ್ಕಳ ಪ್ರತಿಭಾ ಕಾರಂಜಿ/ಕಲೋತ್ಸವ ಕಾರ್ಯಕ್ರಮ ಉದ್ಘಾಟಿಸಿ ಅವರು ಮಾತನಾಡಿದರು. ಗ್ರಾಮೀಣ ಭಾಗದ ಮಕ್ಕಳಲ್ಲಿ ಅಪಾರ ಪ್ರತಿಭೆ ಇದೆ. ಆ ಪ್ರತಿಭೆಯನ್ನು ಗುರುತಿಸಿ ಸೂಕ್ತ ವೇದಿಕೆ ಒದಗಿಸುವುದು ನಮ್ಮ ಕರ್ತವ್ಯ. ಈ ನಿಟ್ಟಿನಲ್ಲಿ ಬಾಲ್ಕಿ ತಾಲೂಕಿನಲ್ಲಿ 2002 ರಲ್ಲಿ ಪ್ರತಿಭಾ ಕಾರಂಜಿ ಕಾರ್ಯಕ್ರಮ ಆರಂಭಿಸಲಾಯಿತು. ಶಿಕ್ಷಣವು ಮಕ್ಕಳ ಸರ್ವತೋಮುಖ ಬೆಳವಣಿಗೆಗೆ ಅತ್ಯಗತ್ಯ. ಸರ್ಕಾರಿ ಶಾಲೆಗಳಲ್ಲಿ ಗುಣಮಟ್ಟದ ಶಿಕ್ಷಣ ನೀಡಲು ಅಗತ್ಯ ಮೂಲಸೌಕರ್ಯ ಒದಗಿಸಲಾಗುತ್ತಿದೆ. ಪಾಲಕರು ತಮ್ಮ ಮಕ್ಕಳನ್ನು ಸರ್ಕಾರಿ ಶಾಲೆಗಳಿಗೆ ಸೇರಿಸಿ, ಅವರ ಪ್ರತಿಭೆ ಬೆಳೆಸಲು ಪ್ರೋತ್ಸಾಹ ನೀಡಬೇಕು. ವಿದ್ಯಾರ್ಥಿಗಳು ಶಿಸ್ತು, ಸಂಯಮ, ನಿಷ್ಠೆ ಹಾಗೂ ಪರಿಶ್ರಮದಿಂದ ಓದಬೇಕು. ಮೊಬೈಲ್ ಬಳಕೆ ಕಡಿಮೆ ಮಾಡಿ ಪುಸ್ತಕ ಓದುವ ಅಭ್ಯಾಸ ಬೆಳೆಸಿಕೊಳ್ಳಬೇಕು ಎಂದು ಸಲಹೆ ನೀಡಿದರು. ಶಾಸಕರು, ಜನಪ್ರತಿನಿಧಿಗಳು, ಶಿಕ್ಷಣ ಇಲಾಖೆಯ ಅಧಿಕಾರಿಗಳು, ಶಿಕ್ಷಕರು, ಪಾಲಕರು ಮತ್ತು ವಿದ್ಯಾರ್ಥಿಗಳು ಉಪಸ್ಥಿತರಿದ್ದರು. ವಿವಿಧ ಶಾಲೆಗಳ ಮಕ್ಕಳು ಸಾಂಸ್ಕೃತಿಕ ಕಾರ್ಯಕ್ರಮಗಳನ್ನು ನಡೆಸಿಕೊಟ್ಟರು. ಸ್ಪರ್ಧೆಗಳಲ್ಲಿ ವಿಜೇತರಾದ ವಿದ್ಯಾರ್ಥಿಗಳಿಗೆ ಬಹುಮಾನ ವಿತರಿಸಲಾಯಿತು. ಕ್ಷೇತ್ರ ಶಿಕ್ಷಣಾಧಿಕಾರಿ ಸ್ವಾಗತಿಸಿದರು, ಶಿಕ್ಷಕರು ನಿರೂಪಿಸಿದರು. ಕೊನೆಯಲ್ಲಿ ವಂದನಾರ್ಪಣೆ ಮಾಡಲಾಯಿತು.
Owned & Published by: Shivaranjan Satyampete on behalf of Pramath Vani, Basawa Marga, C.B. Colony, SHAHAPUR-585223, Dist. Yadgir. Printed by: Basavaraj H. Kamble at H.K. Printing Press, Shop No.3, Kandkoor Complex, Near Veerashaiva Kalyan Mantap, YADGIRI-585201, Karnataka, Editor: Shivaranjan Satyampete.
